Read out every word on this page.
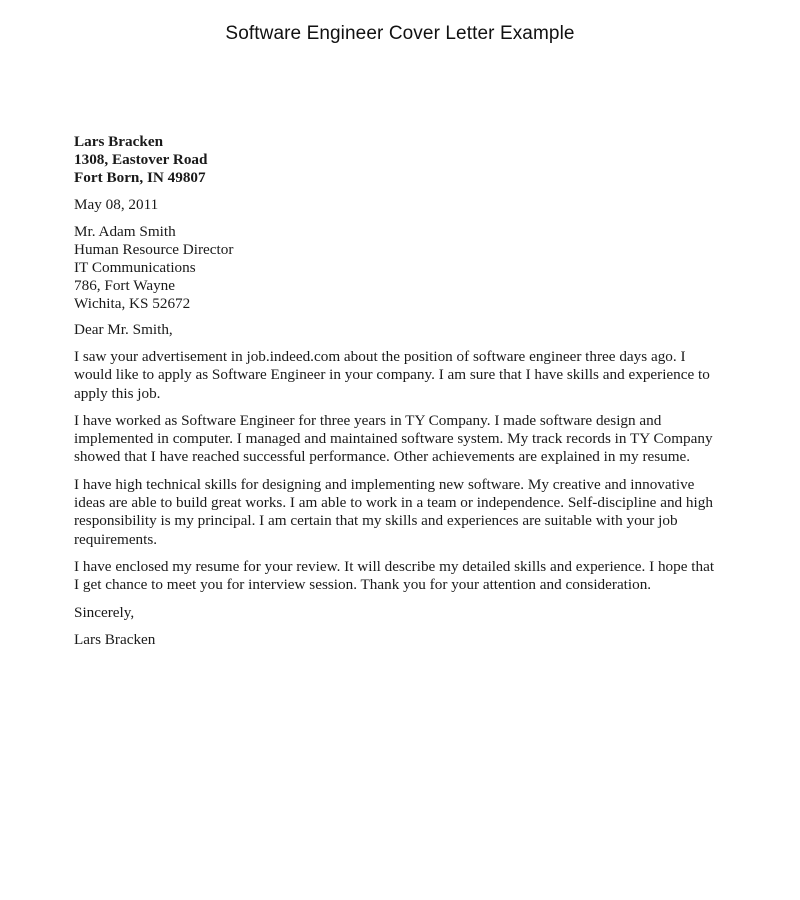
Software Engineer Cover Letter Example
Lars Bracken
1308, Eastover Road
Fort Born, IN 49807
May 08, 2011
Mr. Adam Smith
Human Resource Director
IT Communications
786, Fort Wayne
Wichita, KS 52672
Dear Mr. Smith,

I saw your advertisement in job.indeed.com about the position of software engineer three days ago. I would like to apply as Software Engineer in your company. I am sure that I have skills and experience to apply this job.

I have worked as Software Engineer for three years in TY Company. I made software design and implemented in computer. I managed and maintained software system. My track records in TY Company showed that I have reached successful performance. Other achievements are explained in my resume.

I have high technical skills for designing and implementing new software. My creative and innovative ideas are able to build great works. I am able to work in a team or independence. Self-discipline and high responsibility is my principal. I am certain that my skills and experiences are suitable with your job requirements.

I have enclosed my resume for your review. It will describe my detailed skills and experience. I hope that I get chance to meet you for interview session. Thank you for your attention and consideration.

Sincerely,
Lars Bracken
